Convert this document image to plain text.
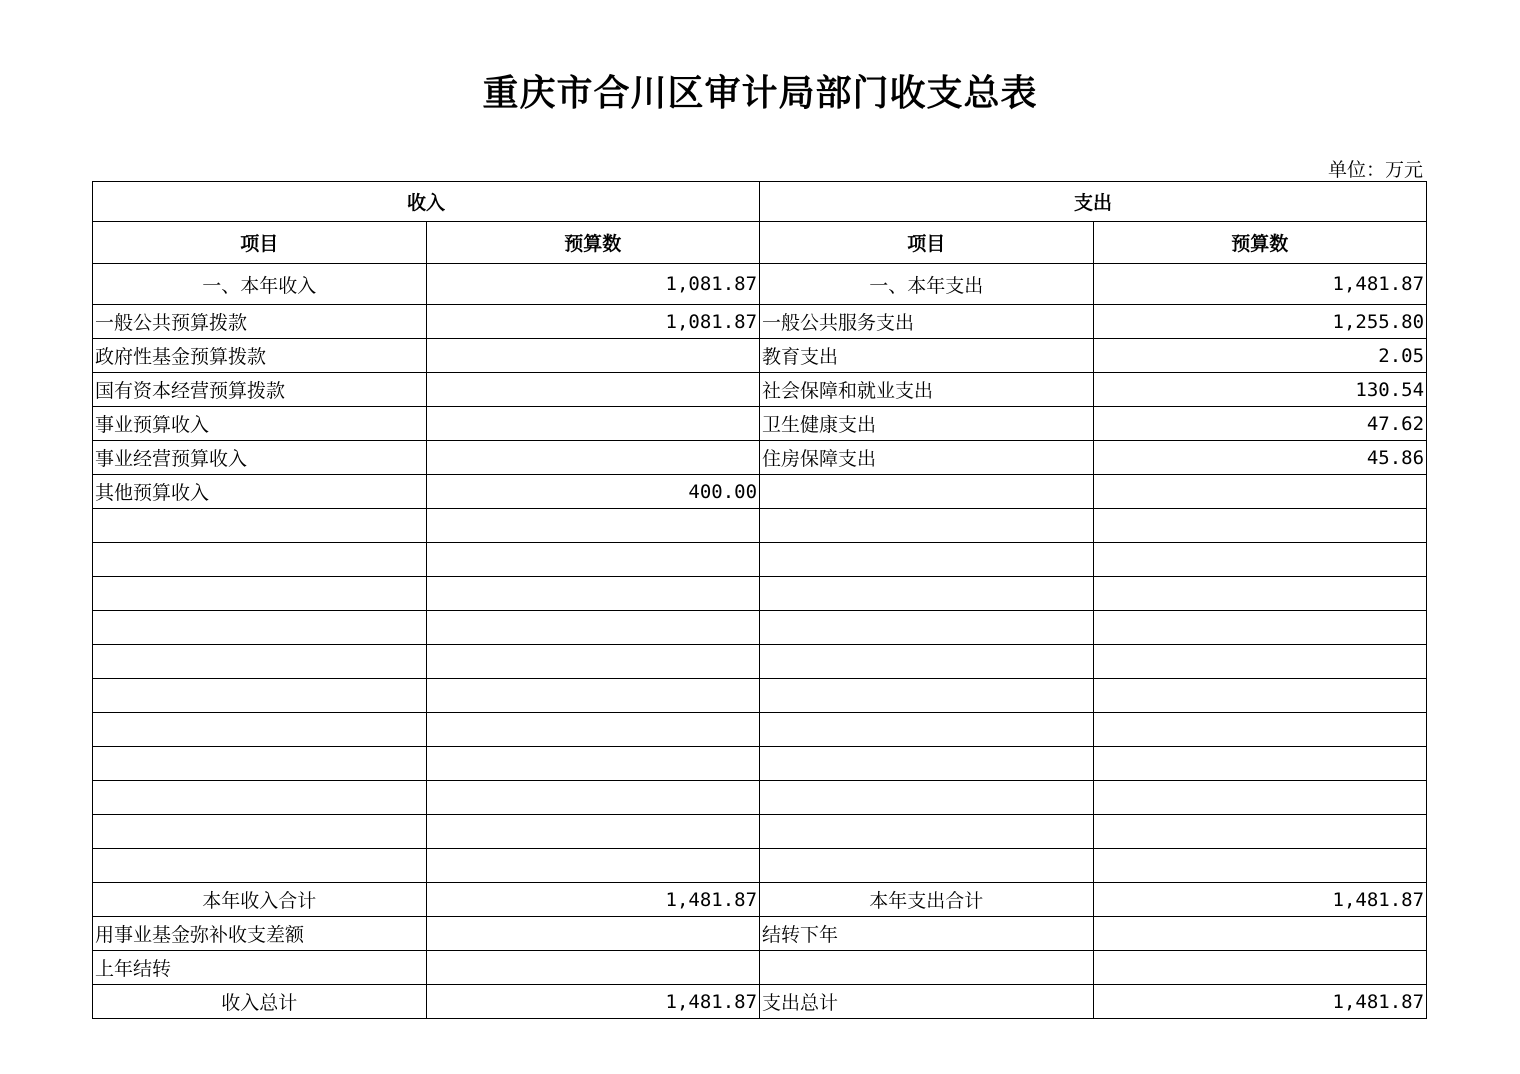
重庆市合川区审计局部门收支总表
单位：万元
收入		支出	
项目	预算数	项目	预算数
一、本年收入	1,081.87	一、本年支出	1,481.87
一般公共预算拨款	1,081.87	一般公共服务支出	1,255.80
政府性基金预算拨款		教育支出	2.05
国有资本经营预算拨款		社会保障和就业支出	130.54
事业预算收入		卫生健康支出	47.62
事业经营预算收入		住房保障支出	45.86
其他预算收入	400.00		

本年收入合计	1,481.87	本年支出合计	1,481.87
用事业基金弥补收支差额		结转下年	
上年结转			
收入总计	1,481.87	支出总计	1,481.87
